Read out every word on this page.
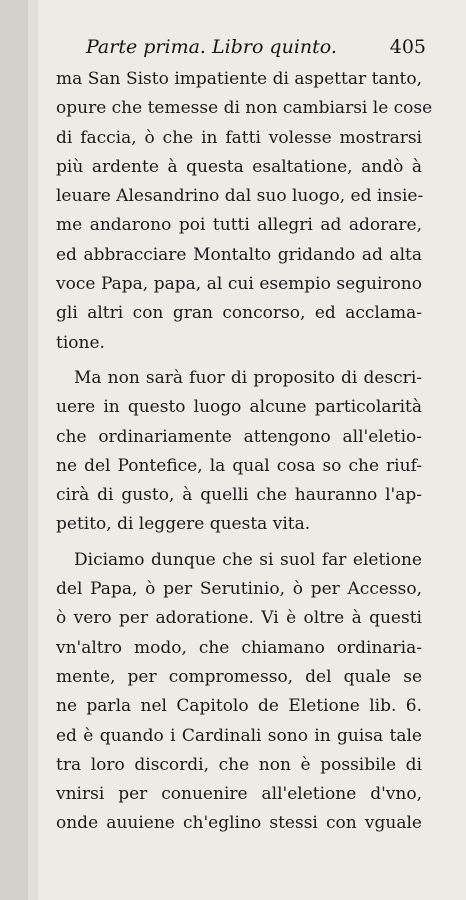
Parte prima. Libro quinto.	405
ma San Sisto impatiente di aspettar tanto,
opure che temesse di non cambiarsi le cose
di faccia, ò che in fatti volesse mostrarsi
più ardente à questa esaltatione, andò à
leuare Alesandrino dal suo luogo, ed insie-
me andarono poi tutti allegri ad adorare,
ed abbracciare Montalto gridando ad alta
voce Papa, papa, al cui esempio seguirono
gli altri con gran concorso, ed acclama-
tione.
Ma non sarà fuor di proposito di descri-
uere in questo luogo alcune particolarità
che ordinariamente attengono all'eletio-
ne del Pontefice, la qual cosa so che riuf-
cirà di gusto, à quelli che hauranno l'ap-
petito, di leggere questa vita.
Diciamo dunque che si suol far eletione
del Papa, ò per Serutinio, ò per Accesso,
ò vero per adoratione. Vi è oltre à questi
vn'altro modo, che chiamano ordinaria-
mente, per compromesso, del quale se
ne parla nel Capitolo de Eletione lib. 6.
ed è quando i Cardinali sono in guisa tale
tra loro discordi, che non è possibile di
vnirsi per conuenire all'eletione d'vno,
onde auuiene ch'eglino stessi con vguale
